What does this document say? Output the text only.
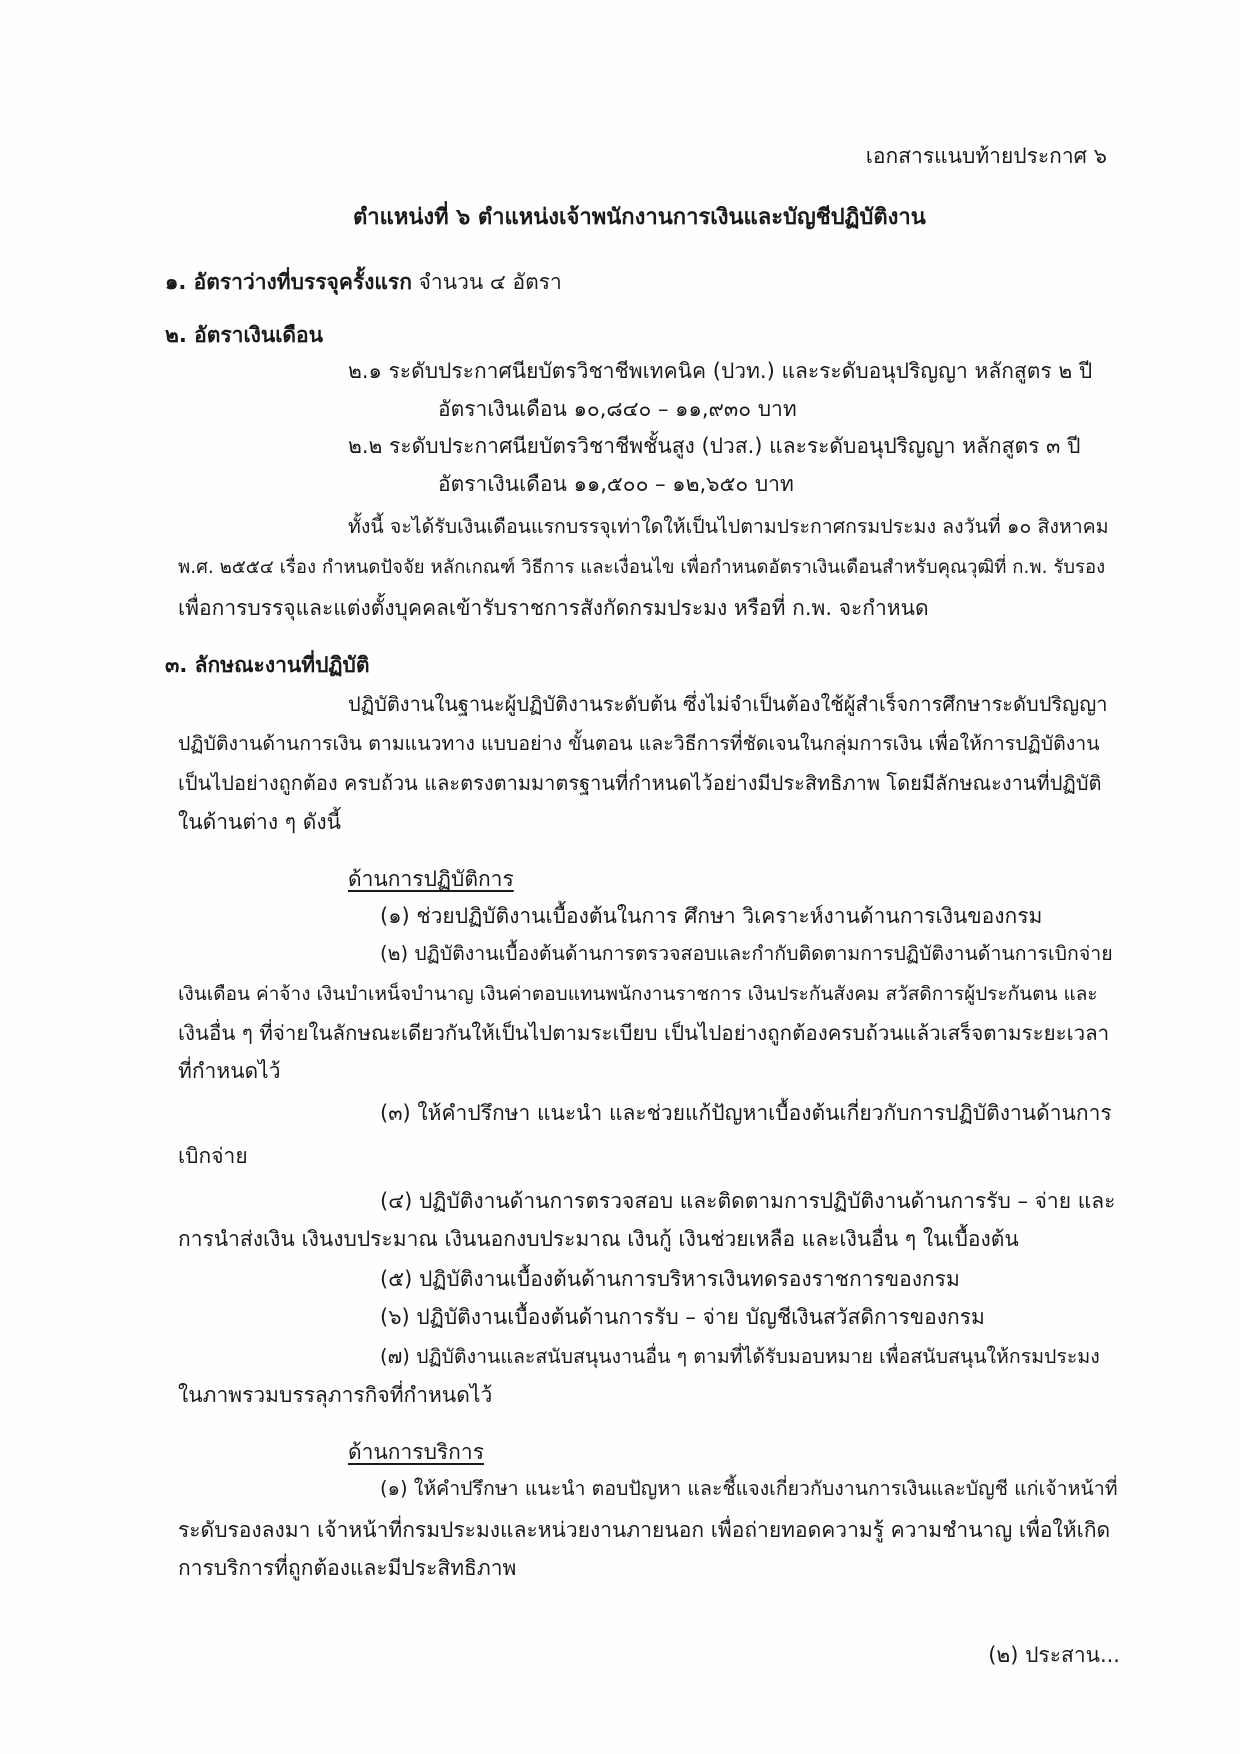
เอกสารแนบท้ายประกาศ ๖
ตำแหน่งที่ ๖ ตำแหน่งเจ้าพนักงานการเงินและบัญชีปฏิบัติงาน
๑. อัตราว่างที่บรรจุครั้งแรก จำนวน ๔ อัตรา
๒. อัตราเงินเดือน
๒.๑ ระดับประกาศนียบัตรวิชาชีพเทคนิค (ปวท.) และระดับอนุปริญญา หลักสูตร ๒ ปี
อัตราเงินเดือน ๑๐,๘๔๐ – ๑๑,๙๓๐ บาท
๒.๒ ระดับประกาศนียบัตรวิชาชีพชั้นสูง (ปวส.) และระดับอนุปริญญา หลักสูตร ๓ ปี
อัตราเงินเดือน ๑๑,๕๐๐ – ๑๒,๖๕๐ บาท
ทั้งนี้ จะได้รับเงินเดือนแรกบรรจุเท่าใดให้เป็นไปตามประกาศกรมประมง ลงวันที่ ๑๐ สิงหาคม
พ.ศ. ๒๕๕๔ เรื่อง กำหนดปัจจัย หลักเกณฑ์ วิธีการ และเงื่อนไข เพื่อกำหนดอัตราเงินเดือนสำหรับคุณวุฒิที่ ก.พ. รับรอง
เพื่อการบรรจุและแต่งตั้งบุคคลเข้ารับราชการสังกัดกรมประมง หรือที่ ก.พ. จะกำหนด
๓. ลักษณะงานที่ปฏิบัติ
ปฏิบัติงานในฐานะผู้ปฏิบัติงานระดับต้น ซึ่งไม่จำเป็นต้องใช้ผู้สำเร็จการศึกษาระดับปริญญา
ปฏิบัติงานด้านการเงิน ตามแนวทาง แบบอย่าง ขั้นตอน และวิธีการที่ชัดเจนในกลุ่มการเงิน เพื่อให้การปฏิบัติงาน
เป็นไปอย่างถูกต้อง ครบถ้วน และตรงตามมาตรฐานที่กำหนดไว้อย่างมีประสิทธิภาพ โดยมีลักษณะงานที่ปฏิบัติ
ในด้านต่าง ๆ ดังนี้
ด้านการปฏิบัติการ
(๑) ช่วยปฏิบัติงานเบื้องต้นในการ ศึกษา วิเคราะห์งานด้านการเงินของกรม
(๒) ปฏิบัติงานเบื้องต้นด้านการตรวจสอบและกำกับติดตามการปฏิบัติงานด้านการเบิกจ่าย
เงินเดือน ค่าจ้าง เงินบำเหน็จบำนาญ เงินค่าตอบแทนพนักงานราชการ เงินประกันสังคม สวัสดิการผู้ประกันตน และ
เงินอื่น ๆ ที่จ่ายในลักษณะเดียวกันให้เป็นไปตามระเบียบ เป็นไปอย่างถูกต้องครบถ้วนแล้วเสร็จตามระยะเวลา
ที่กำหนดไว้
(๓) ให้คำปรึกษา แนะนำ และช่วยแก้ปัญหาเบื้องต้นเกี่ยวกับการปฏิบัติงานด้านการ
เบิกจ่าย
(๔) ปฏิบัติงานด้านการตรวจสอบ และติดตามการปฏิบัติงานด้านการรับ – จ่าย และ
การนำส่งเงิน เงินงบประมาณ เงินนอกงบประมาณ เงินกู้ เงินช่วยเหลือ และเงินอื่น ๆ ในเบื้องต้น
(๕) ปฏิบัติงานเบื้องต้นด้านการบริหารเงินทดรองราชการของกรม
(๖) ปฏิบัติงานเบื้องต้นด้านการรับ – จ่าย บัญชีเงินสวัสดิการของกรม
(๗) ปฏิบัติงานและสนับสนุนงานอื่น ๆ ตามที่ได้รับมอบหมาย เพื่อสนับสนุนให้กรมประมง
ในภาพรวมบรรลุภารกิจที่กำหนดไว้
ด้านการบริการ
(๑) ให้คำปรึกษา แนะนำ ตอบปัญหา และชี้แจงเกี่ยวกับงานการเงินและบัญชี แก่เจ้าหน้าที่
ระดับรองลงมา เจ้าหน้าที่กรมประมงและหน่วยงานภายนอก เพื่อถ่ายทอดความรู้ ความชำนาญ เพื่อให้เกิด
การบริการที่ถูกต้องและมีประสิทธิภาพ
(๒) ประสาน...
